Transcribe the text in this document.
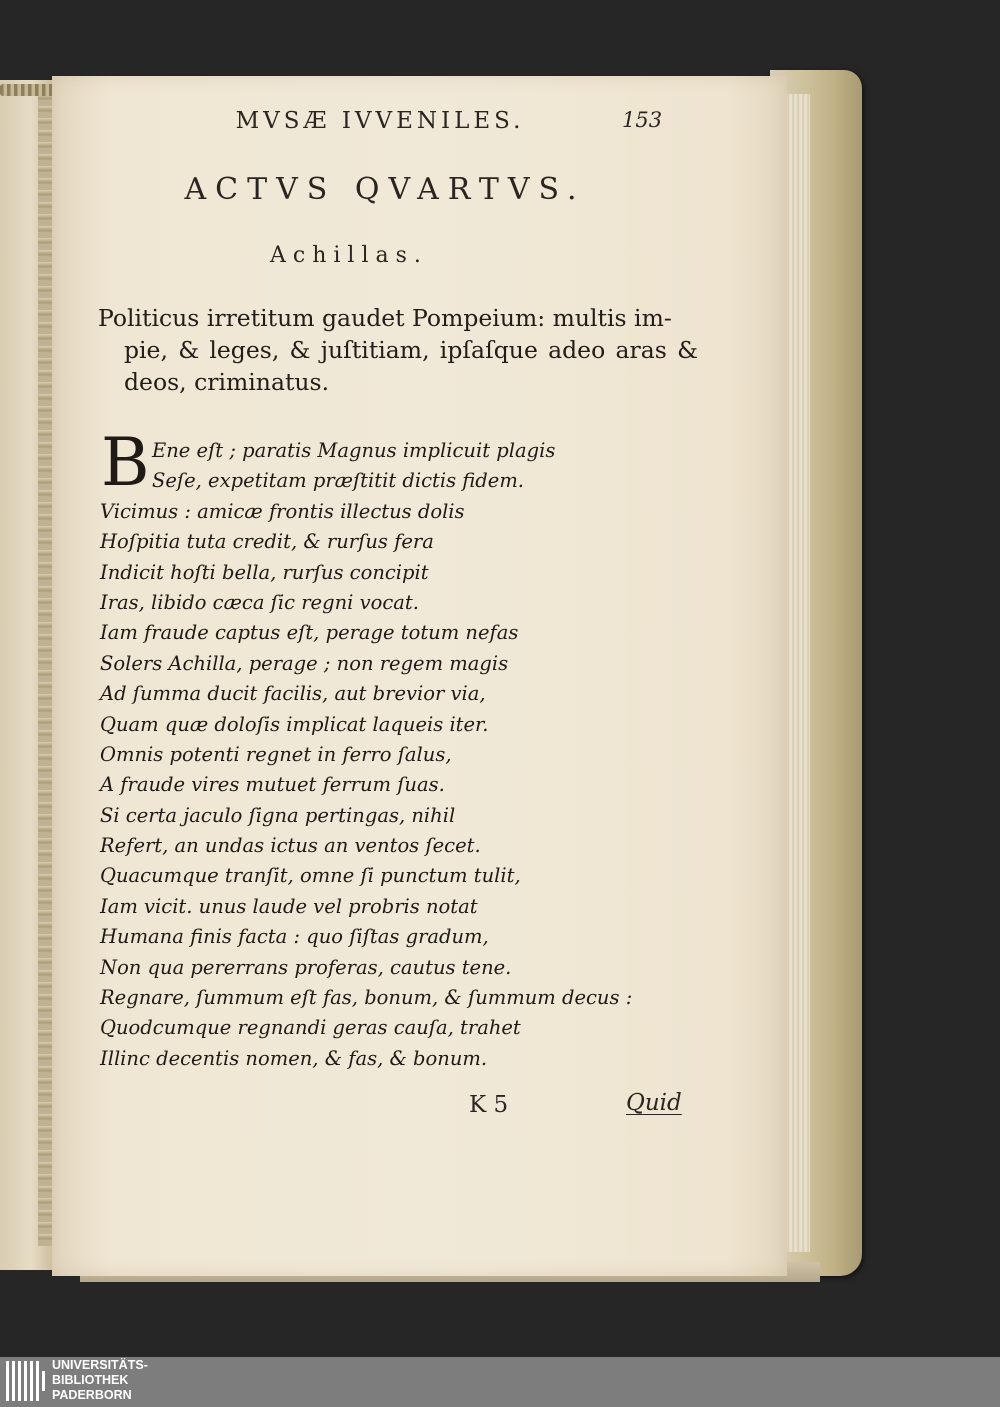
MVSÆ IVVENILES.	153
ACTVS QVARTVS.
Achillas.
Politicus irretitum gaudet Pompeium: multis im-
pie, & leges, & juſtitiam, ipſaſque adeo aras & deos, criminatus.
B Ene eſt ; paratis Magnus implicuit plagis
Seſe, expetitam præſtitit dictis fidem.
Vicimus : amicæ frontis illectus dolis
Hoſpitia tuta credit, & rurſus fera
Indicit hoſti bella, rurſus concipit
Iras, libido cæca ſic regni vocat.
Iam fraude captus eſt, perage totum nefas
Solers Achilla, perage ; non regem magis
Ad ſumma ducit facilis, aut brevior via,
Quam quæ doloſis implicat laqueis iter.
Omnis potenti regnet in ferro ſalus,
A fraude vires mutuet ferrum ſuas.
Si certa jaculo ſigna pertingas, nihil
Refert, an undas ictus an ventos ſecet.
Quacumque tranſit, omne ſi punctum tulit,
Iam vicit. unus laude vel probris notat
Humana finis facta : quo ſiſtas gradum,
Non qua pererrans proferas, cautus tene.
Regnare, ſummum eſt fas, bonum, & ſummum decus :
Quodcumque regnandi geras cauſa, trahet
Illinc decentis nomen, & fas, & bonum.
K 5	Quid
UNIVERSITÄTS-
BIBLIOTHEK
PADERBORN
